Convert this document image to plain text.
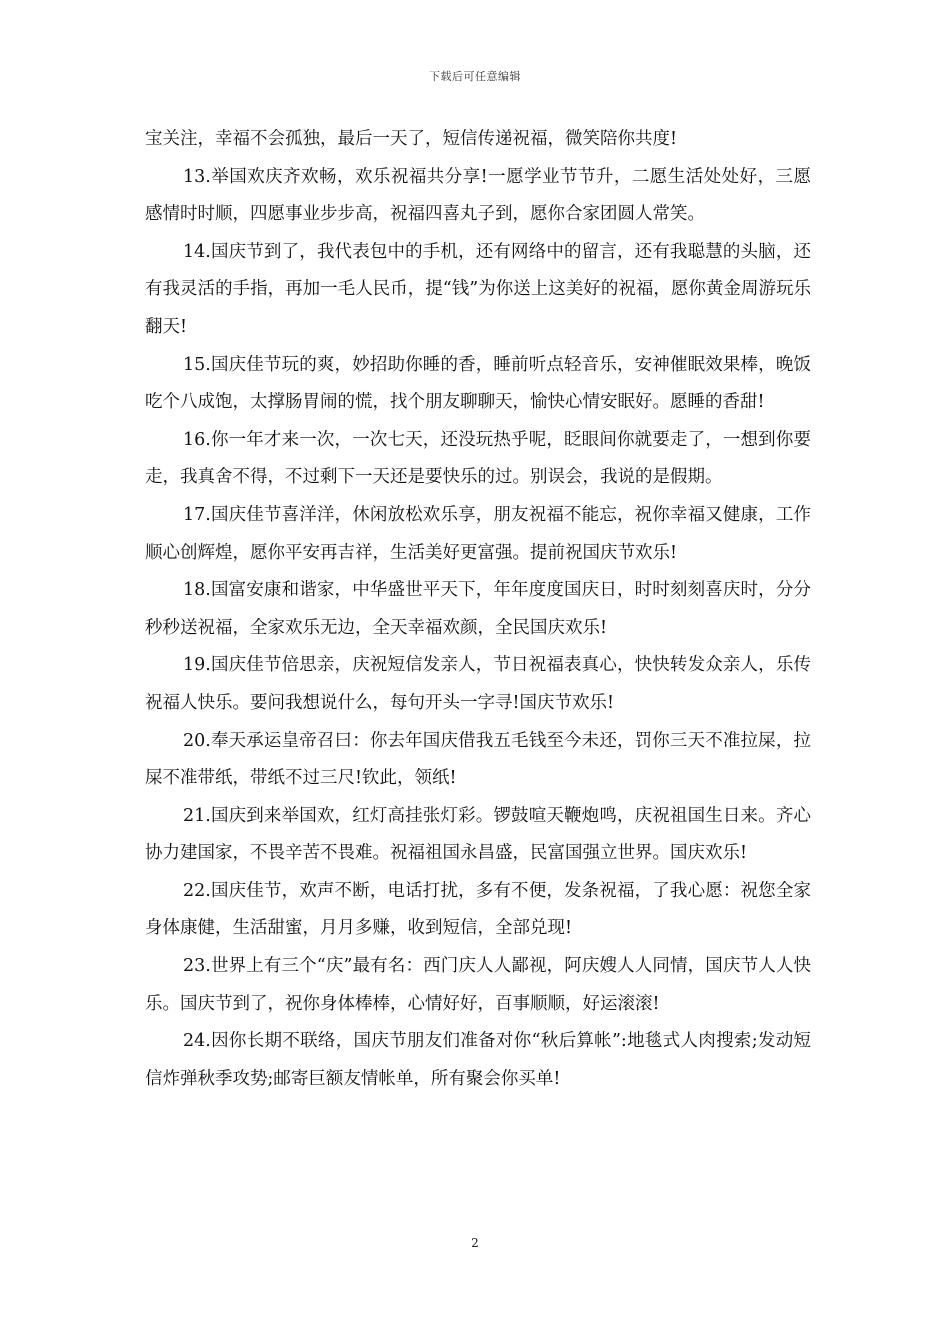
下载后可任意编辑

宝关注，幸福不会孤独，最后一天了，短信传递祝福，微笑陪你共度!

13.举国欢庆齐欢畅，欢乐祝福共分享!一愿学业节节升，二愿生活处处好，三愿感情时时顺，四愿事业步步高，祝福四喜丸子到，愿你合家团圆人常笑。

14.国庆节到了，我代表包中的手机，还有网络中的留言，还有我聪慧的头脑，还有我灵活的手指，再加一毛人民币，提“钱”为你送上这美好的祝福，愿你黄金周游玩乐翻天!

15.国庆佳节玩的爽，妙招助你睡的香，睡前听点轻音乐，安神催眠效果棒，晚饭吃个八成饱，太撑肠胃闹的慌，找个朋友聊聊天，愉快心情安眠好。愿睡的香甜!

16.你一年才来一次，一次七天，还没玩热乎呢，眨眼间你就要走了，一想到你要走，我真舍不得，不过剩下一天还是要快乐的过。别误会，我说的是假期。

17.国庆佳节喜洋洋，休闲放松欢乐享，朋友祝福不能忘，祝你幸福又健康，工作顺心创辉煌，愿你平安再吉祥，生活美好更富强。提前祝国庆节欢乐!

18.国富安康和谐家，中华盛世平天下，年年度度国庆日，时时刻刻喜庆时，分分秒秒送祝福，全家欢乐无边，全天幸福欢颜，全民国庆欢乐!

19.国庆佳节倍思亲，庆祝短信发亲人，节日祝福表真心，快快转发众亲人，乐传祝福人快乐。要问我想说什么，每句开头一字寻!国庆节欢乐!

20.奉天承运皇帝召曰：你去年国庆借我五毛钱至今未还，罚你三天不准拉屎，拉屎不准带纸，带纸不过三尺!钦此，领纸!

21.国庆到来举国欢，红灯高挂张灯彩。锣鼓喧天鞭炮鸣，庆祝祖国生日来。齐心协力建国家，不畏辛苦不畏难。祝福祖国永昌盛，民富国强立世界。国庆欢乐!

22.国庆佳节，欢声不断，电话打扰，多有不便，发条祝福，了我心愿：祝您全家身体康健，生活甜蜜，月月多赚，收到短信，全部兑现!

23.世界上有三个“庆”最有名：西门庆人人鄙视，阿庆嫂人人同情，国庆节人人快乐。国庆节到了，祝你身体棒棒，心情好好，百事顺顺，好运滚滚!

24.因你长期不联络，国庆节朋友们准备对你“秋后算帐”:地毯式人肉搜索;发动短信炸弹秋季攻势;邮寄巨额友情帐单，所有聚会你买单!

2
